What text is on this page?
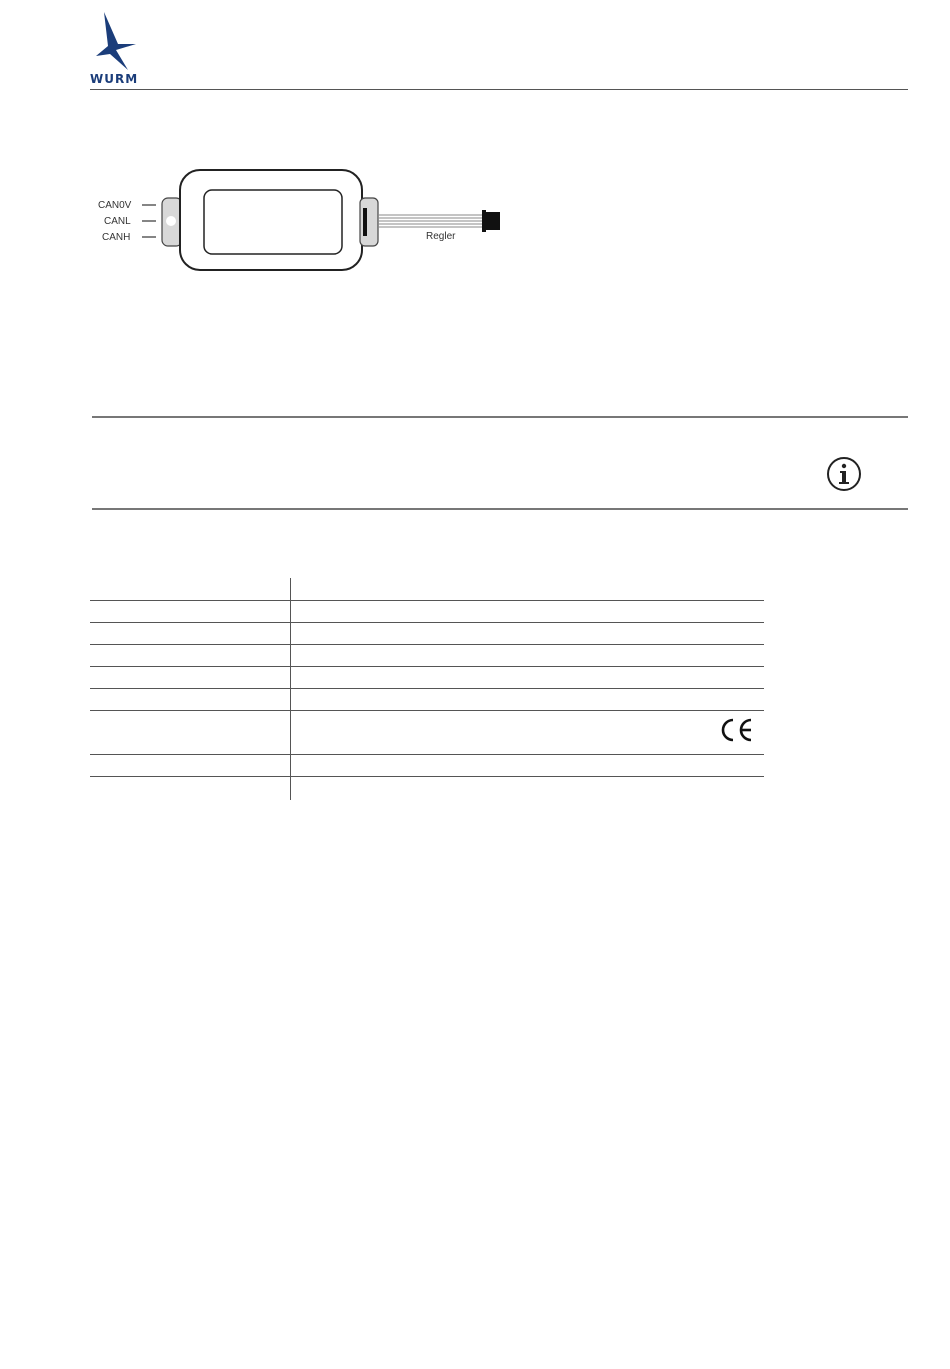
WURM
CAN0V
CANL
CANH	Regler
